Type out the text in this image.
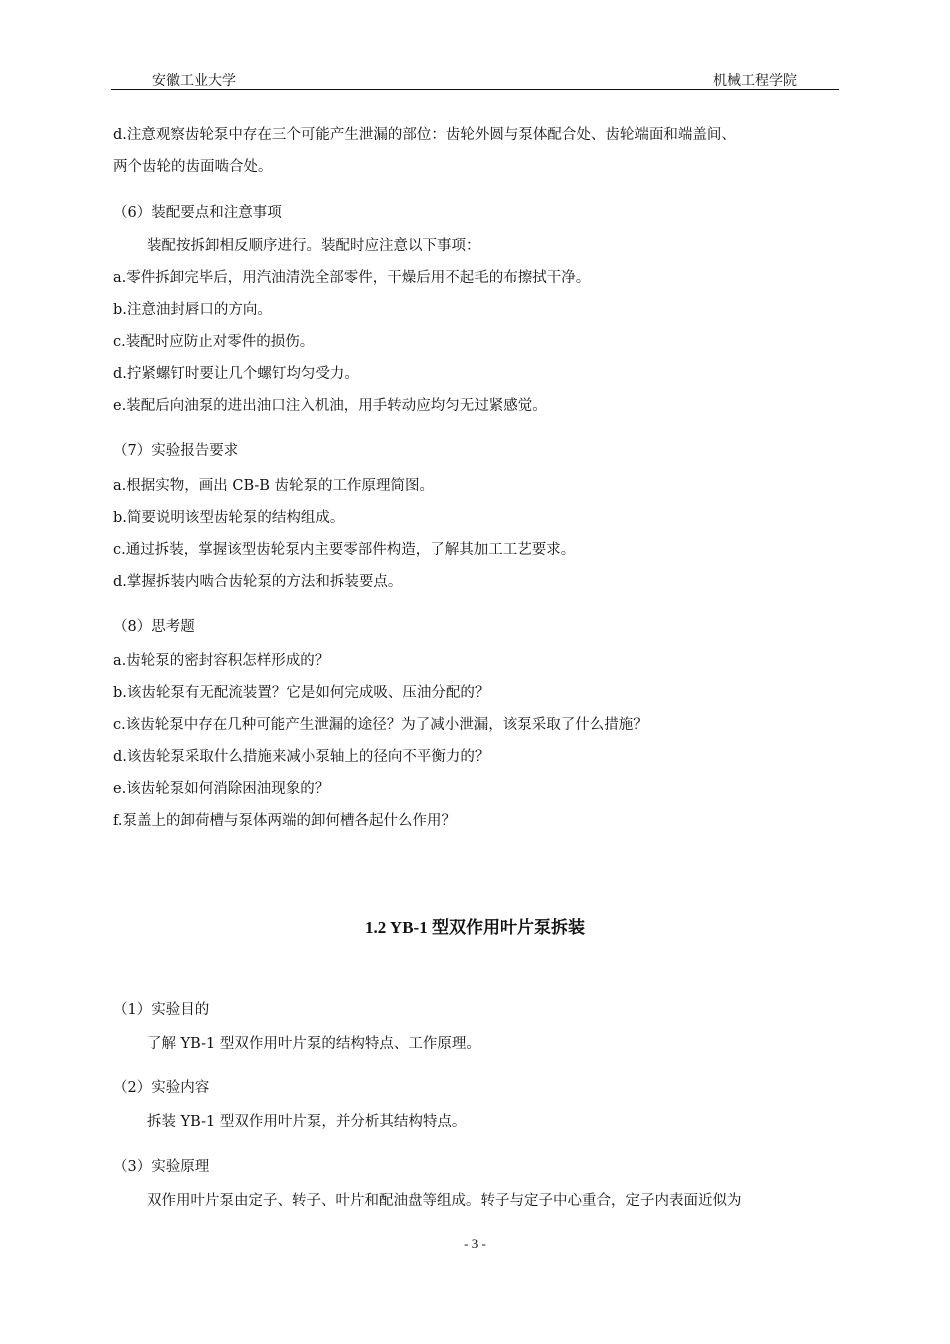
安徽工业大学	机械工程学院
d.注意观察齿轮泵中存在三个可能产生泄漏的部位：齿轮外圆与泵体配合处、齿轮端面和端盖间、
两个齿轮的齿面啮合处。
（6）装配要点和注意事项
装配按拆卸相反顺序进行。装配时应注意以下事项：
a.零件拆卸完毕后，用汽油清洗全部零件，干燥后用不起毛的布擦拭干净。
b.注意油封唇口的方向。
c.装配时应防止对零件的损伤。
d.拧紧螺钉时要让几个螺钉均匀受力。
e.装配后向油泵的进出油口注入机油，用手转动应均匀无过紧感觉。
（7）实验报告要求
a.根据实物，画出 CB-B 齿轮泵的工作原理简图。
b.简要说明该型齿轮泵的结构组成。
c.通过拆装，掌握该型齿轮泵内主要零部件构造，了解其加工工艺要求。
d.掌握拆装内啮合齿轮泵的方法和拆装要点。
（8）思考题
a.齿轮泵的密封容积怎样形成的？
b.该齿轮泵有无配流装置？它是如何完成吸、压油分配的？
c.该齿轮泵中存在几种可能产生泄漏的途径？为了减小泄漏，该泵采取了什么措施？
d.该齿轮泵采取什么措施来减小泵轴上的径向不平衡力的？
e.该齿轮泵如何消除困油现象的？
f.泵盖上的卸荷槽与泵体两端的卸何槽各起什么作用？
1.2 YB-1 型双作用叶片泵拆装
（1）实验目的
了解 YB-1 型双作用叶片泵的结构特点、工作原理。
（2）实验内容
拆装 YB-1 型双作用叶片泵，并分析其结构特点。
（3）实验原理
双作用叶片泵由定子、转子、叶片和配油盘等组成。转子与定子中心重合，定子内表面近似为
- 3 -
